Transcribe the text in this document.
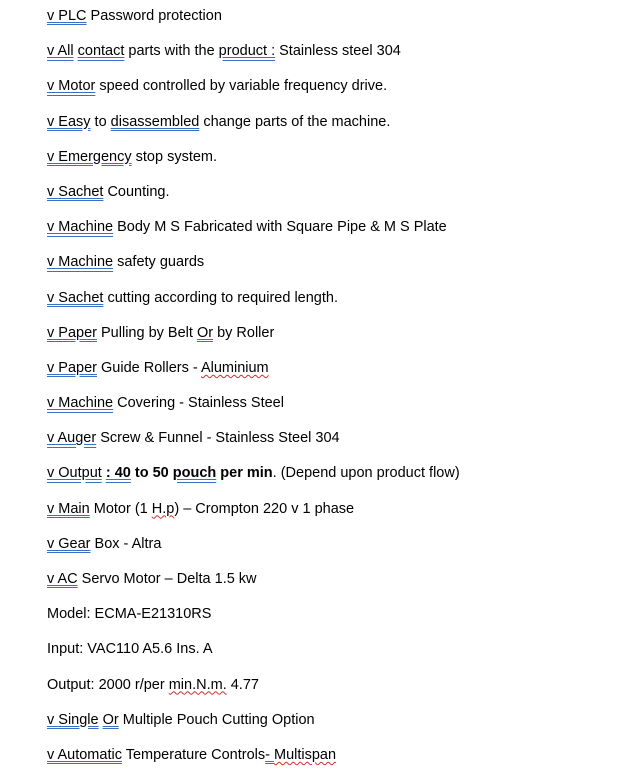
v PLC Password protection
v All contact parts with the product : Stainless steel 304
v Motor speed controlled by variable frequency drive.
v Easy to disassembled change parts of the machine.
v Emergency stop system.
v Sachet Counting.
v Machine Body M S Fabricated with Square Pipe & M S Plate
v Machine safety guards
v Sachet cutting according to required length.
v Paper Pulling by Belt Or by Roller
v Paper Guide Rollers - Aluminium
v Machine Covering - Stainless Steel
v Auger Screw & Funnel - Stainless Steel 304
v Output : 40 to 50 pouch per min. (Depend upon product flow)
v Main Motor (1 H.p) – Crompton 220 v 1 phase
v Gear Box - Altra
v AC Servo Motor – Delta 1.5 kw
Model: ECMA-E21310RS
Input: VAC110 A5.6 Ins. A
Output: 2000 r/per min.N.m. 4.77
v Single Or Multiple Pouch Cutting Option
v Automatic Temperature Controls- Multispan
